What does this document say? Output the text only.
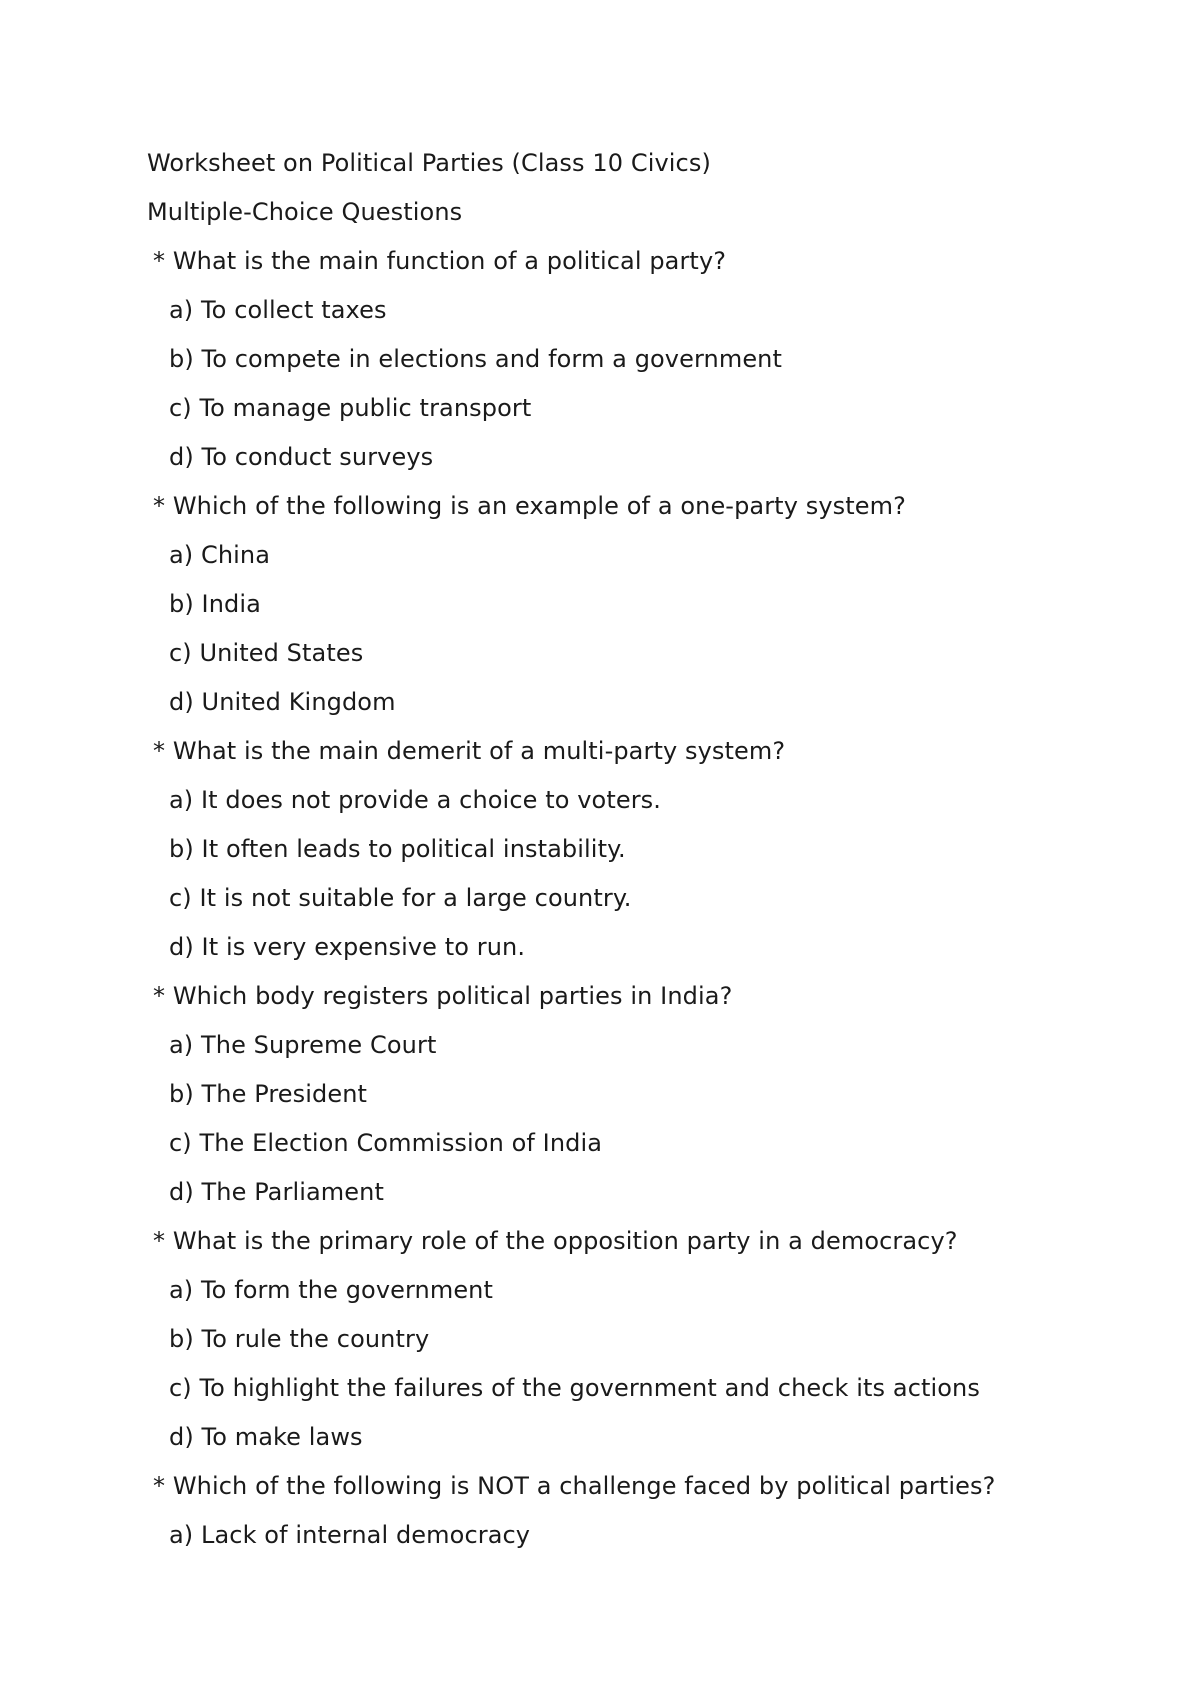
Worksheet on Political Parties (Class 10 Civics)
Multiple-Choice Questions
* What is the main function of a political party?
a) To collect taxes
b) To compete in elections and form a government
c) To manage public transport
d) To conduct surveys
* Which of the following is an example of a one-party system?
a) China
b) India
c) United States
d) United Kingdom
* What is the main demerit of a multi-party system?
a) It does not provide a choice to voters.
b) It often leads to political instability.
c) It is not suitable for a large country.
d) It is very expensive to run.
* Which body registers political parties in India?
a) The Supreme Court
b) The President
c) The Election Commission of India
d) The Parliament
* What is the primary role of the opposition party in a democracy?
a) To form the government
b) To rule the country
c) To highlight the failures of the government and check its actions
d) To make laws
* Which of the following is NOT a challenge faced by political parties?
a) Lack of internal democracy
